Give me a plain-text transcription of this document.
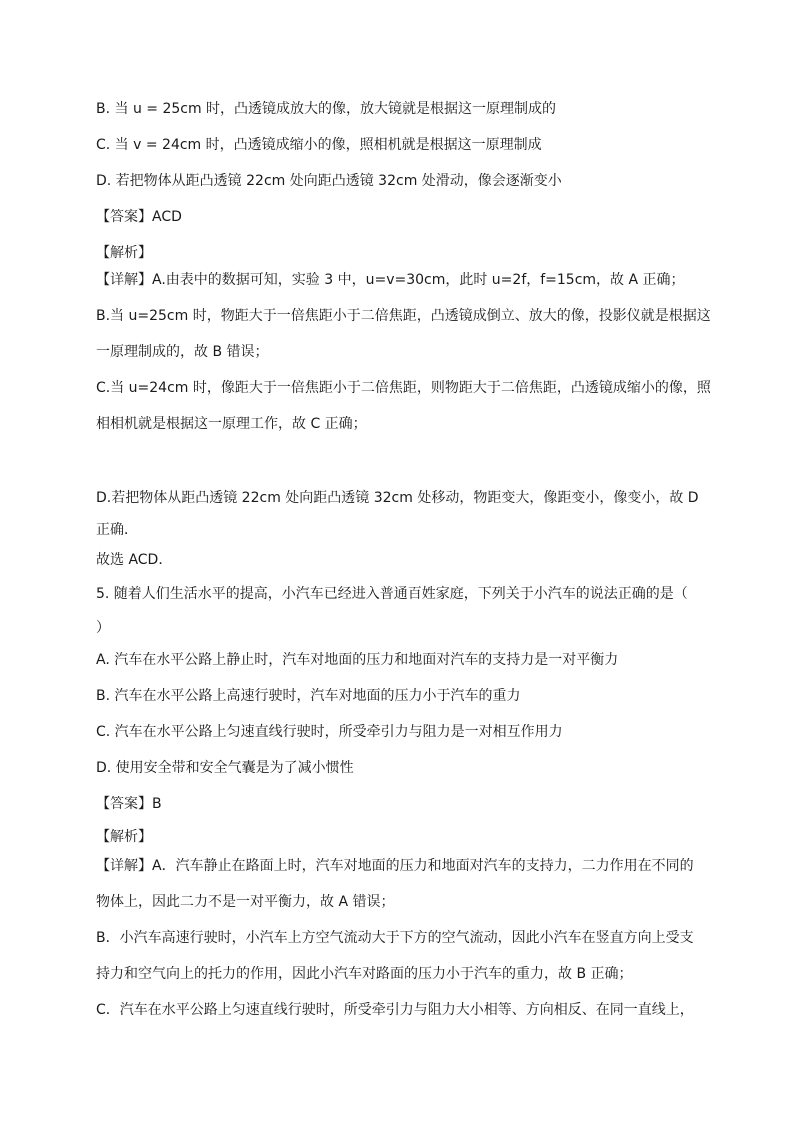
B. 当 u = 25cm 时，凸透镜成放大的像，放大镜就是根据这一原理制成的
C. 当 v = 24cm 时，凸透镜成缩小的像，照相机就是根据这一原理制成
D. 若把物体从距凸透镜 22cm 处向距凸透镜 32cm 处滑动，像会逐渐变小
【答案】ACD
【解析】
【详解】A.由表中的数据可知，实验 3 中，u=v=30cm，此时 u=2f，f=15cm，故 A 正确；
B.当 u=25cm 时，物距大于一倍焦距小于二倍焦距，凸透镜成倒立、放大的像，投影仪就是根据这
一原理制成的，故 B 错误；
C.当 u=24cm 时，像距大于一倍焦距小于二倍焦距，则物距大于二倍焦距，凸透镜成缩小的像，照
相相机就是根据这一原理工作，故 C 正确；
D.若把物体从距凸透镜 22cm 处向距凸透镜 32cm 处移动，物距变大，像距变小，像变小，故 D
正确．
故选 ACD．
5. 随着人们生活水平的提高，小汽车已经进入普通百姓家庭，下列关于小汽车的说法正确的是（
）
A. 汽车在水平公路上静止时，汽车对地面的压力和地面对汽车的支持力是一对平衡力
B. 汽车在水平公路上高速行驶时，汽车对地面的压力小于汽车的重力
C. 汽车在水平公路上匀速直线行驶时，所受牵引力与阻力是一对相互作用力
D. 使用安全带和安全气囊是为了减小惯性
【答案】B
【解析】
【详解】A．汽车静止在路面上时，汽车对地面的压力和地面对汽车的支持力，二力作用在不同的
物体上，因此二力不是一对平衡力，故 A 错误；
B．小汽车高速行驶时，小汽车上方空气流动大于下方的空气流动，因此小汽车在竖直方向上受支
持力和空气向上的托力的作用，因此小汽车对路面的压力小于汽车的重力，故 B 正确；
C．汽车在水平公路上匀速直线行驶时，所受牵引力与阻力大小相等、方向相反、在同一直线上，
